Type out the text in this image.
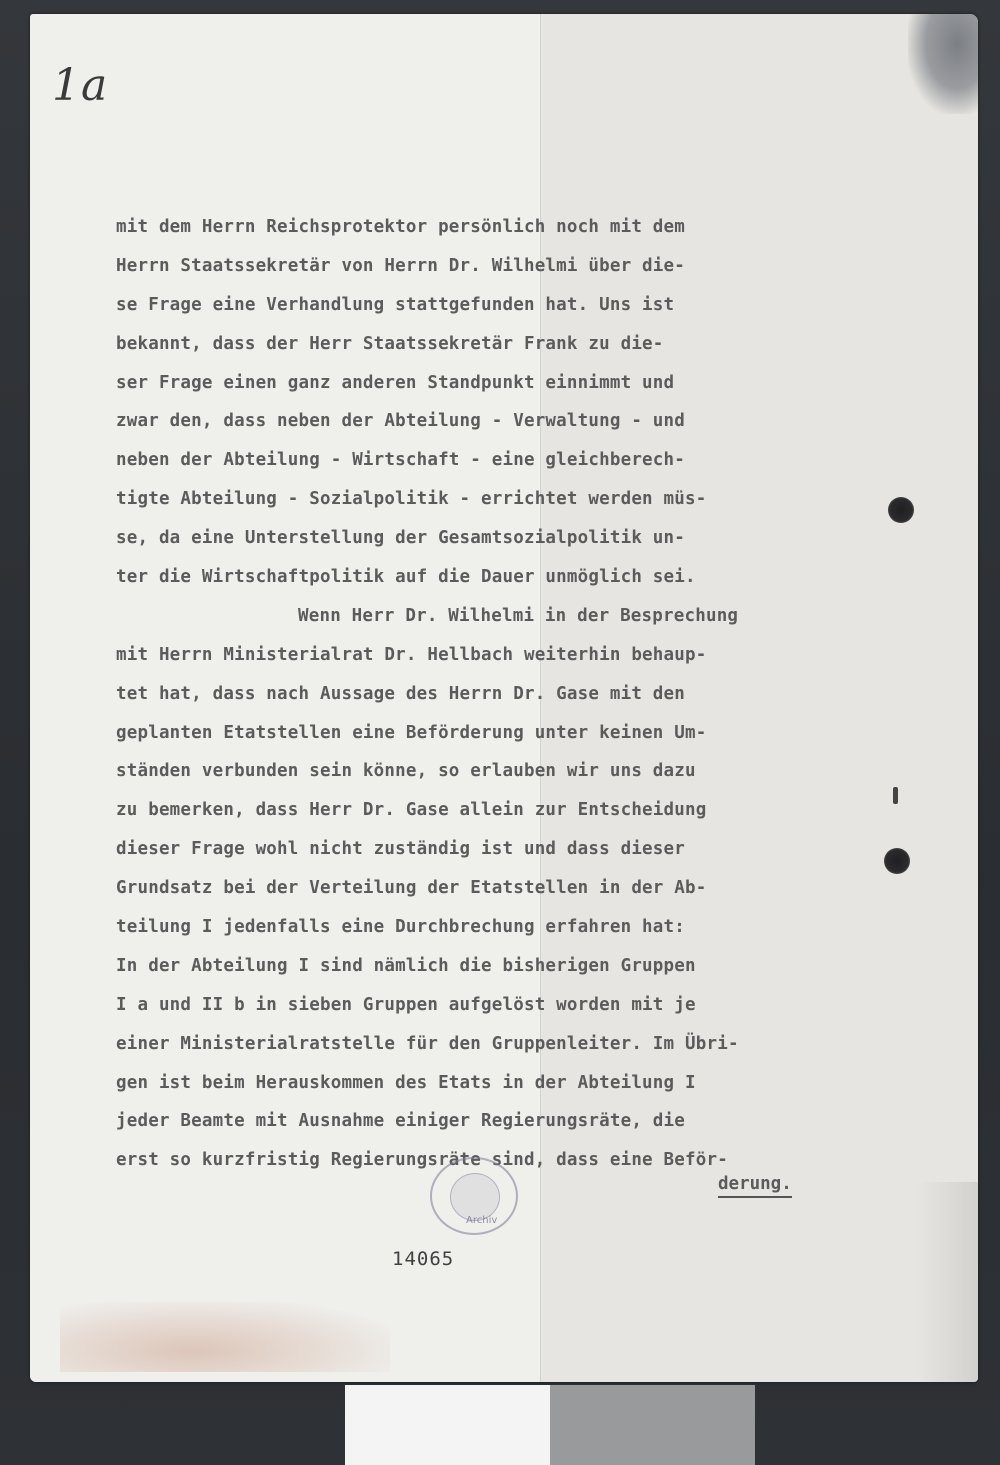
1a
mit dem Herrn Reichsprotektor persönlich noch mit dem
Herrn Staatssekretär von Herrn Dr. Wilhelmi über die-
se Frage eine Verhandlung stattgefunden hat. Uns ist
bekannt, dass der Herr Staatssekretär Frank zu die-
ser Frage einen ganz anderen Standpunkt einnimmt und
zwar den, dass neben der Abteilung - Verwaltung - und
neben der Abteilung - Wirtschaft - eine gleichberech-
tigte Abteilung - Sozialpolitik - errichtet werden müs-
se, da eine Unterstellung der Gesamtsozialpolitik un-
ter die Wirtschaftpolitik auf die Dauer unmöglich sei.
Wenn Herr Dr. Wilhelmi in der Besprechung
mit Herrn Ministerialrat Dr. Hellbach weiterhin behaup-
tet hat, dass nach Aussage des Herrn Dr. Gase mit den
geplanten Etatstellen eine Beförderung unter keinen Um-
ständen verbunden sein könne, so erlauben wir uns dazu
zu bemerken, dass Herr Dr. Gase allein zur Entscheidung
dieser Frage wohl nicht zuständig ist und dass dieser
Grundsatz bei der Verteilung der Etatstellen in der Ab-
teilung I jedenfalls eine Durchbrechung erfahren hat:
In der Abteilung I sind nämlich die bisherigen Gruppen
I a und II b in sieben Gruppen aufgelöst worden mit je
einer Ministerialratstelle für den Gruppenleiter. Im Übri-
gen ist beim Herauskommen des Etats in der Abteilung I
jeder Beamte mit Ausnahme einiger Regierungsräte, die
erst so kurzfristig Regierungsräte sind, dass eine Beför-
derung.
Archiv
14065
